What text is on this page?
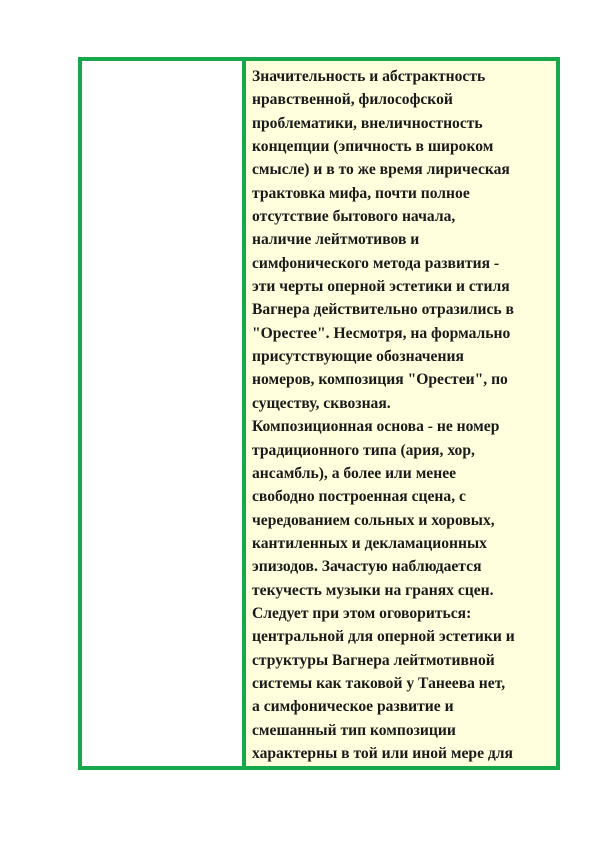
Значительность и абстрактность
нравственной, философской
проблематики, внеличностность
концепции (эпичность в широком
смысле) и в то же время лирическая
трактовка мифа, почти полное
отсутствие бытового начала,
наличие лейтмотивов и
симфонического метода развития -
эти черты оперной эстетики и стиля
Вагнера действительно отразились в
"Орестее". Несмотря, на формально
присутствующие обозначения
номеров, композиция "Орестеи", по
существу, сквозная.
Композиционная основа - не номер
традиционного типа (ария, хор,
ансамбль), а более или менее
свободно построенная сцена, с
чередованием сольных и хоровых,
кантиленных и декламационных
эпизодов. Зачастую наблюдается
текучесть музыки на гранях сцен.
Следует при этом оговориться:
центральной для оперной эстетики и
структуры Вагнера лейтмотивной
системы как таковой у Танеева нет,
а симфоническое развитие и
смешанный тип композиции
характерны в той или иной мере для
